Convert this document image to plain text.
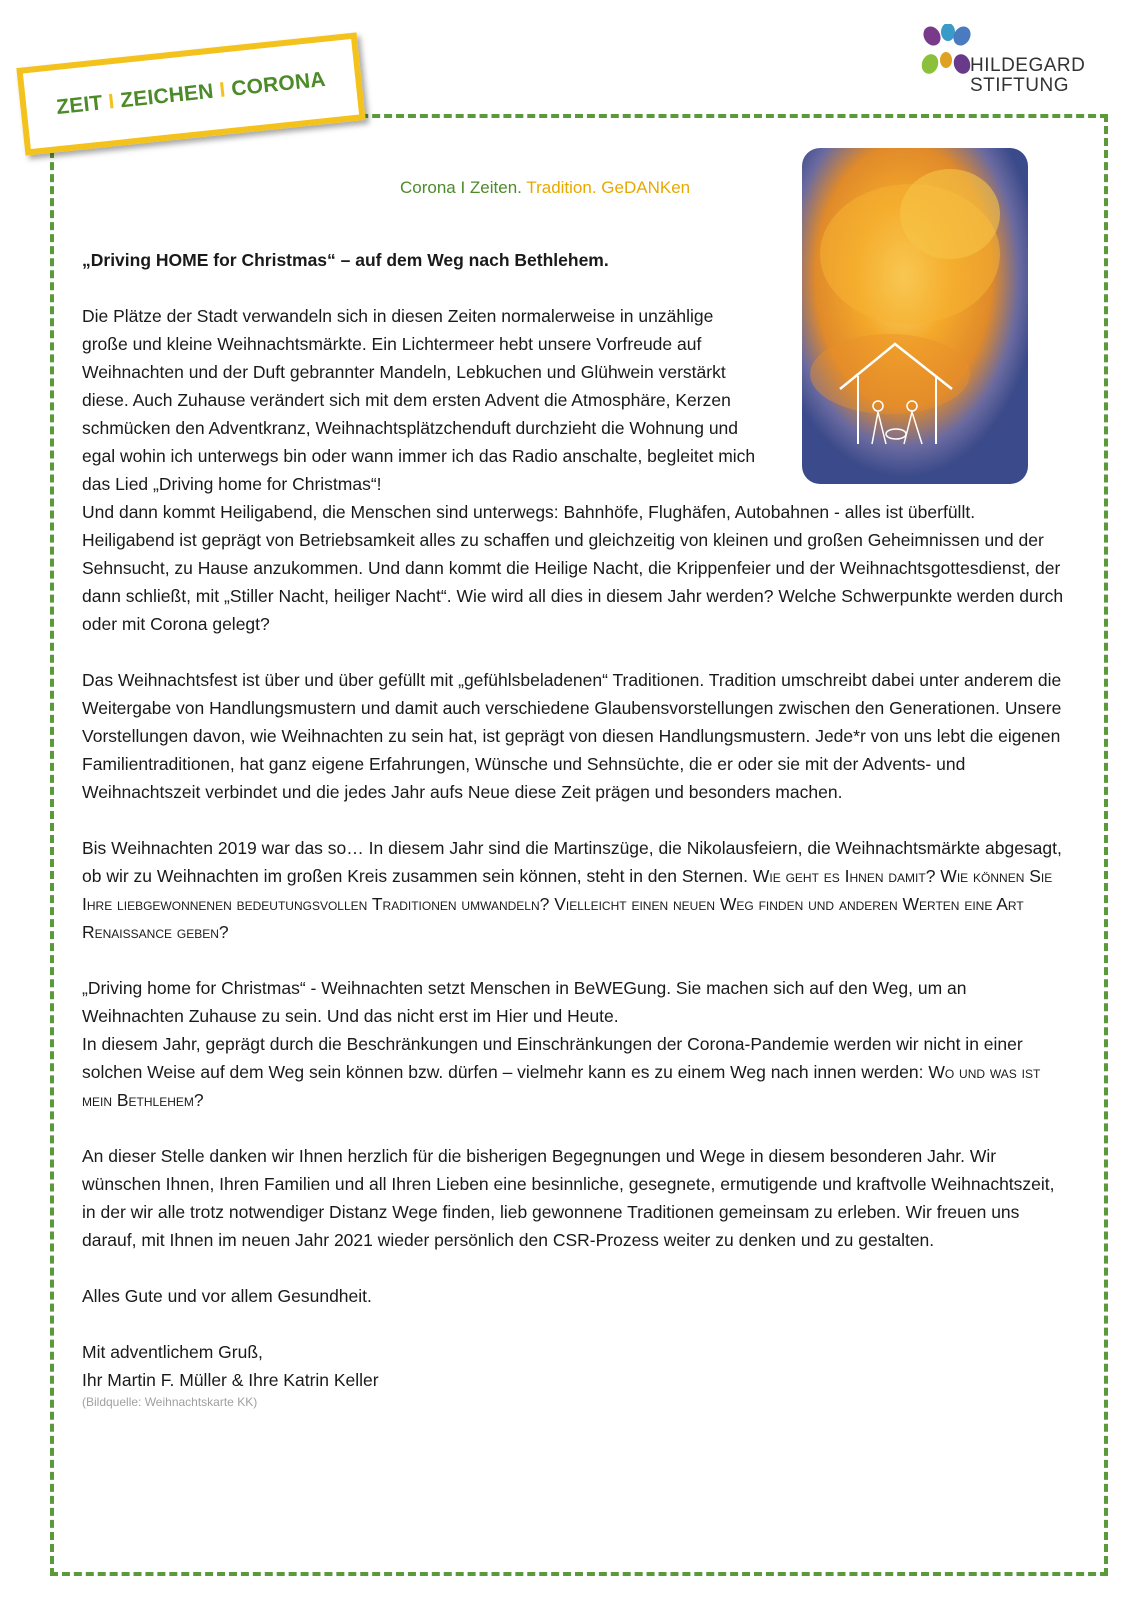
ZEIT I ZEICHEN I CORONA
HILDEGARD
STIFTUNG
Corona I Zeiten. Tradition. GeDANKen

„Driving HOME for Christmas“ – auf dem Weg nach Bethlehem.

Die Plätze der Stadt verwandeln sich in diesen Zeiten normalerweise in unzählige große und kleine Weihnachtsmärkte. Ein Lichtermeer hebt unsere Vorfreude auf Weihnachten und der Duft gebrannter Mandeln, Lebkuchen und Glühwein verstärkt diese. Auch Zuhause verändert sich mit dem ersten Advent die Atmosphäre, Kerzen schmücken den Adventkranz, Weihnachtsplätzchenduft durchzieht die Wohnung und egal wohin ich unterwegs bin oder wann immer ich das Radio anschalte, begleitet mich das Lied „Driving home for Christmas“!

Und dann kommt Heiligabend, die Menschen sind unterwegs: Bahnhöfe, Flughäfen, Autobahnen - alles ist überfüllt. Heiligabend ist geprägt von Betriebsamkeit alles zu schaffen und gleichzeitig von kleinen und großen Geheimnissen und der Sehnsucht, zu Hause anzukommen. Und dann kommt die Heilige Nacht, die Krippenfeier und der Weihnachtsgottesdienst, der dann schließt, mit „Stiller Nacht, heiliger Nacht“. Wie wird all dies in diesem Jahr werden? Welche Schwerpunkte werden durch oder mit Corona gelegt?

Das Weihnachtsfest ist über und über gefüllt mit „gefühlsbeladenen“ Traditionen. Tradition umschreibt dabei unter anderem die Weitergabe von Handlungsmustern und damit auch verschiedene Glaubensvorstellungen zwischen den Generationen. Unsere Vorstellungen davon, wie Weihnachten zu sein hat, ist geprägt von diesen Handlungsmustern. Jede*r von uns lebt die eigenen Familientraditionen, hat ganz eigene Erfahrungen, Wünsche und Sehnsüchte, die er oder sie mit der Advents- und Weihnachtszeit verbindet und die jedes Jahr aufs Neue diese Zeit prägen und besonders machen.

Bis Weihnachten 2019 war das so… In diesem Jahr sind die Martinszüge, die Nikolausfeiern, die Weihnachtsmärkte abgesagt, ob wir zu Weihnachten im großen Kreis zusammen sein können, steht in den Sternen. Wie geht es Ihnen damit? Wie können Sie Ihre liebgewonnenen bedeutungsvollen Traditionen umwandeln? Vielleicht einen neuen Weg finden und anderen Werten eine Art Renaissance geben?

„Driving home for Christmas“ - Weihnachten setzt Menschen in BeWEGung. Sie machen sich auf den Weg, um an Weihnachten Zuhause zu sein. Und das nicht erst im Hier und Heute.

In diesem Jahr, geprägt durch die Beschränkungen und Einschränkungen der Corona-Pandemie werden wir nicht in einer solchen Weise auf dem Weg sein können bzw. dürfen – vielmehr kann es zu einem Weg nach innen werden: Wo und was ist mein Bethlehem?

An dieser Stelle danken wir Ihnen herzlich für die bisherigen Begegnungen und Wege in diesem besonderen Jahr. Wir wünschen Ihnen, Ihren Familien und all Ihren Lieben eine besinnliche, gesegnete, ermutigende und kraftvolle Weihnachtszeit, in der wir alle trotz notwendiger Distanz Wege finden, lieb gewonnene Traditionen gemeinsam zu erleben. Wir freuen uns darauf, mit Ihnen im neuen Jahr 2021 wieder persönlich den CSR-Prozess weiter zu denken und zu gestalten.

Alles Gute und vor allem Gesundheit.

Mit adventlichem Gruß,

Ihr Martin F. Müller & Ihre Katrin Keller

(Bildquelle: Weihnachtskarte KK)
